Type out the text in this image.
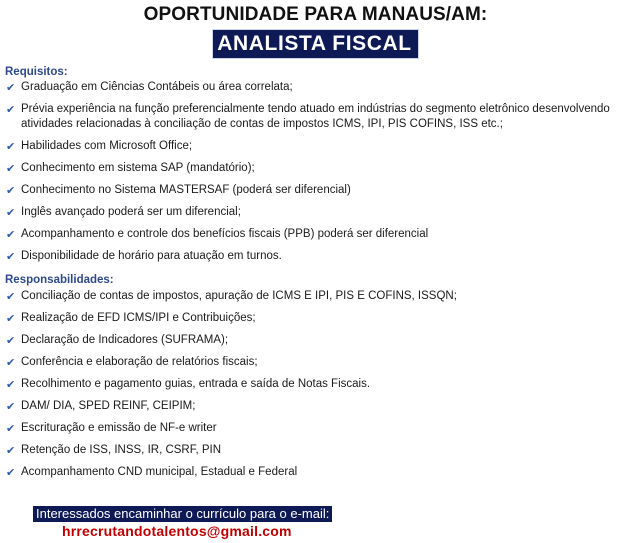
OPORTUNIDADE PARA MANAUS/AM:
ANALISTA FISCAL
Requisitos:
✔ Graduação em Ciências Contábeis ou área correlata;
✔ Prévia experiência na função preferencialmente tendo atuado em indústrias do segmento eletrônico desenvolvendo atividades relacionadas à conciliação de contas de impostos ICMS, IPI, PIS COFINS, ISS etc.;
✔ Habilidades com Microsoft Office;
✔ Conhecimento em sistema SAP (mandatório);
✔ Conhecimento no Sistema MASTERSAF (poderá ser diferencial)
✔ Inglês avançado poderá ser um diferencial;
✔ Acompanhamento e controle dos benefícios fiscais (PPB) poderá ser diferencial
✔ Disponibilidade de horário para atuação em turnos.
Responsabilidades:
✔ Conciliação de contas de impostos, apuração de ICMS E IPI, PIS E COFINS, ISSQN;
✔ Realização de EFD ICMS/IPI e Contribuições;
✔ Declaração de Indicadores (SUFRAMA);
✔ Conferência e elaboração de relatórios fiscais;
✔ Recolhimento e pagamento guias, entrada e saída de Notas Fiscais.
✔ DAM/ DIA, SPED REINF, CEIPIM;
✔ Escrituração e emissão de NF-e writer
✔ Retenção de ISS, INSS, IR, CSRF, PIN
✔ Acompanhamento CND municipal, Estadual e Federal
Interessados encaminhar o currículo para o e-mail:
hrrecrutandotalentos@gmail.com
